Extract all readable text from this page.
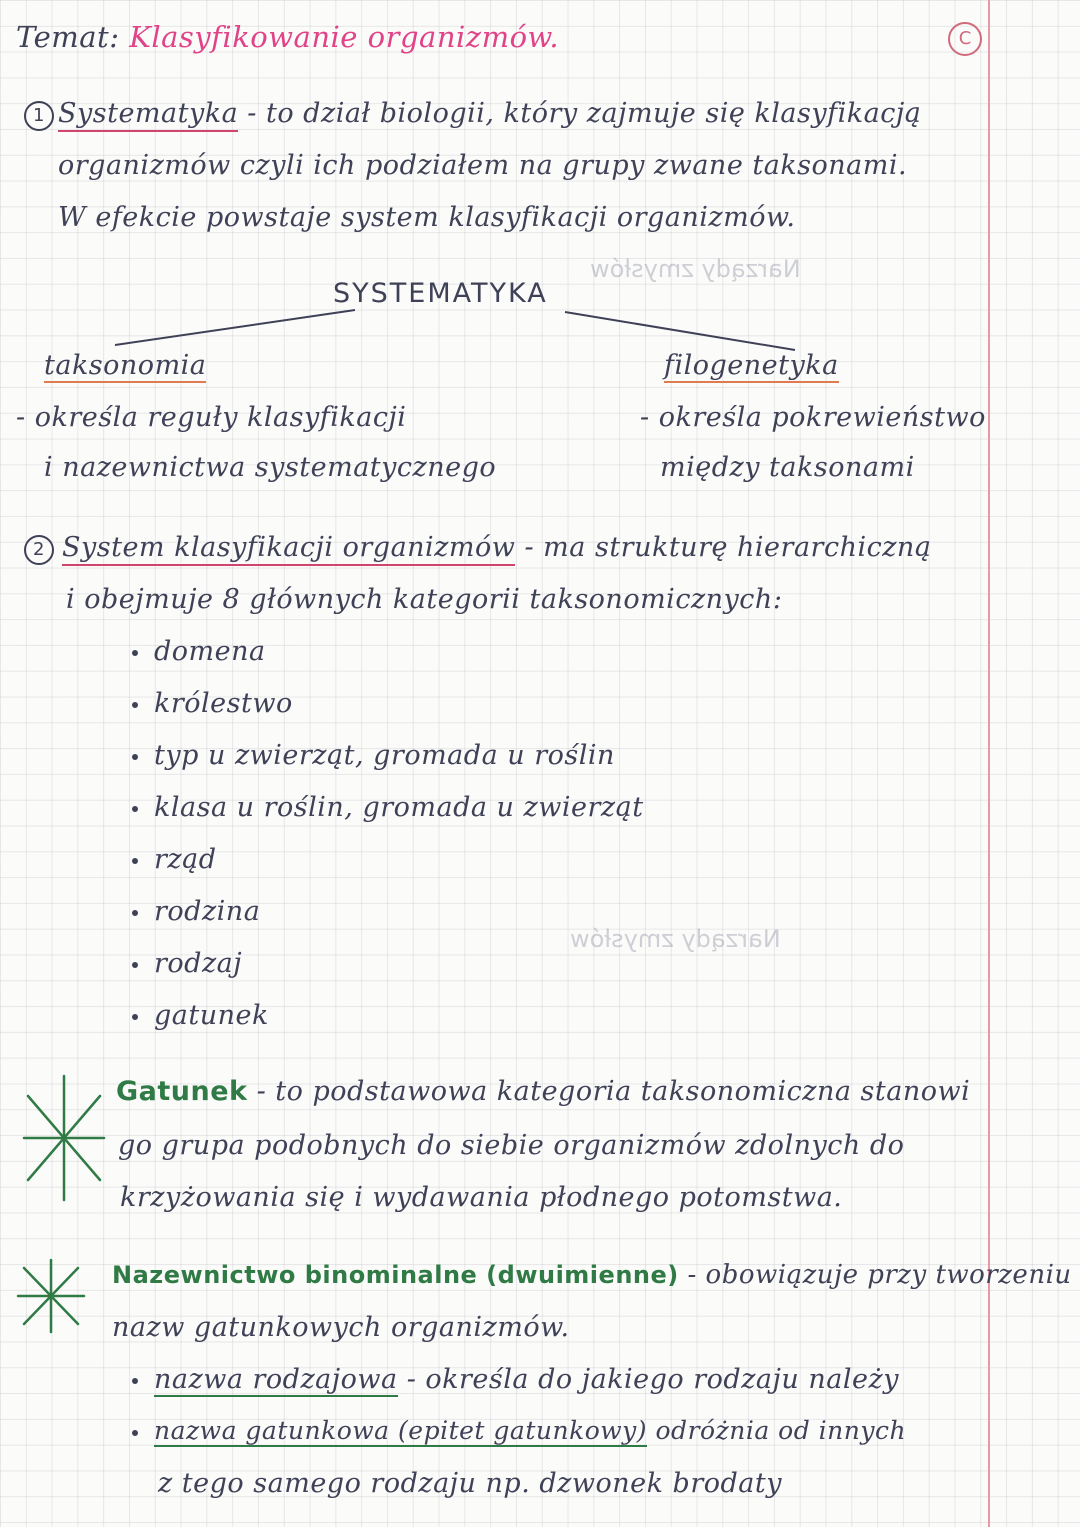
Narządy zmysłów
Narządy zmysłów
C
Temat: Klasyfikowanie organizmów.
1 Systematyka - to dział biologii, który zajmuje się klasyfikacją
organizmów czyli ich podziałem na grupy zwane taksonami.
W efekcie powstaje system klasyfikacji organizmów.
SYSTEMATYKA
taksonomia
- określa reguły klasyfikacji
i nazewnictwa systematycznego
filogenetyka
- określa pokrewieństwo
między taksonami
2 System klasyfikacji organizmów - ma strukturę hierarchiczną
i obejmuje 8 głównych kategorii taksonomicznych:
domena
królestwo
typ u zwierząt, gromada u roślin
klasa u roślin, gromada u zwierząt
rząd
rodzina
rodzaj
gatunek
Gatunek - to podstawowa kategoria taksonomiczna stanowi
go grupa podobnych do siebie organizmów zdolnych do
krzyżowania się i wydawania płodnego potomstwa.
Nazewnictwo binominalne (dwuimienne) - obowiązuje przy tworzeniu
nazw gatunkowych organizmów.
nazwa rodzajowa - określa do jakiego rodzaju należy
nazwa gatunkowa (epitet gatunkowy) odróżnia od innych
z tego samego rodzaju np. dzwonek brodaty
